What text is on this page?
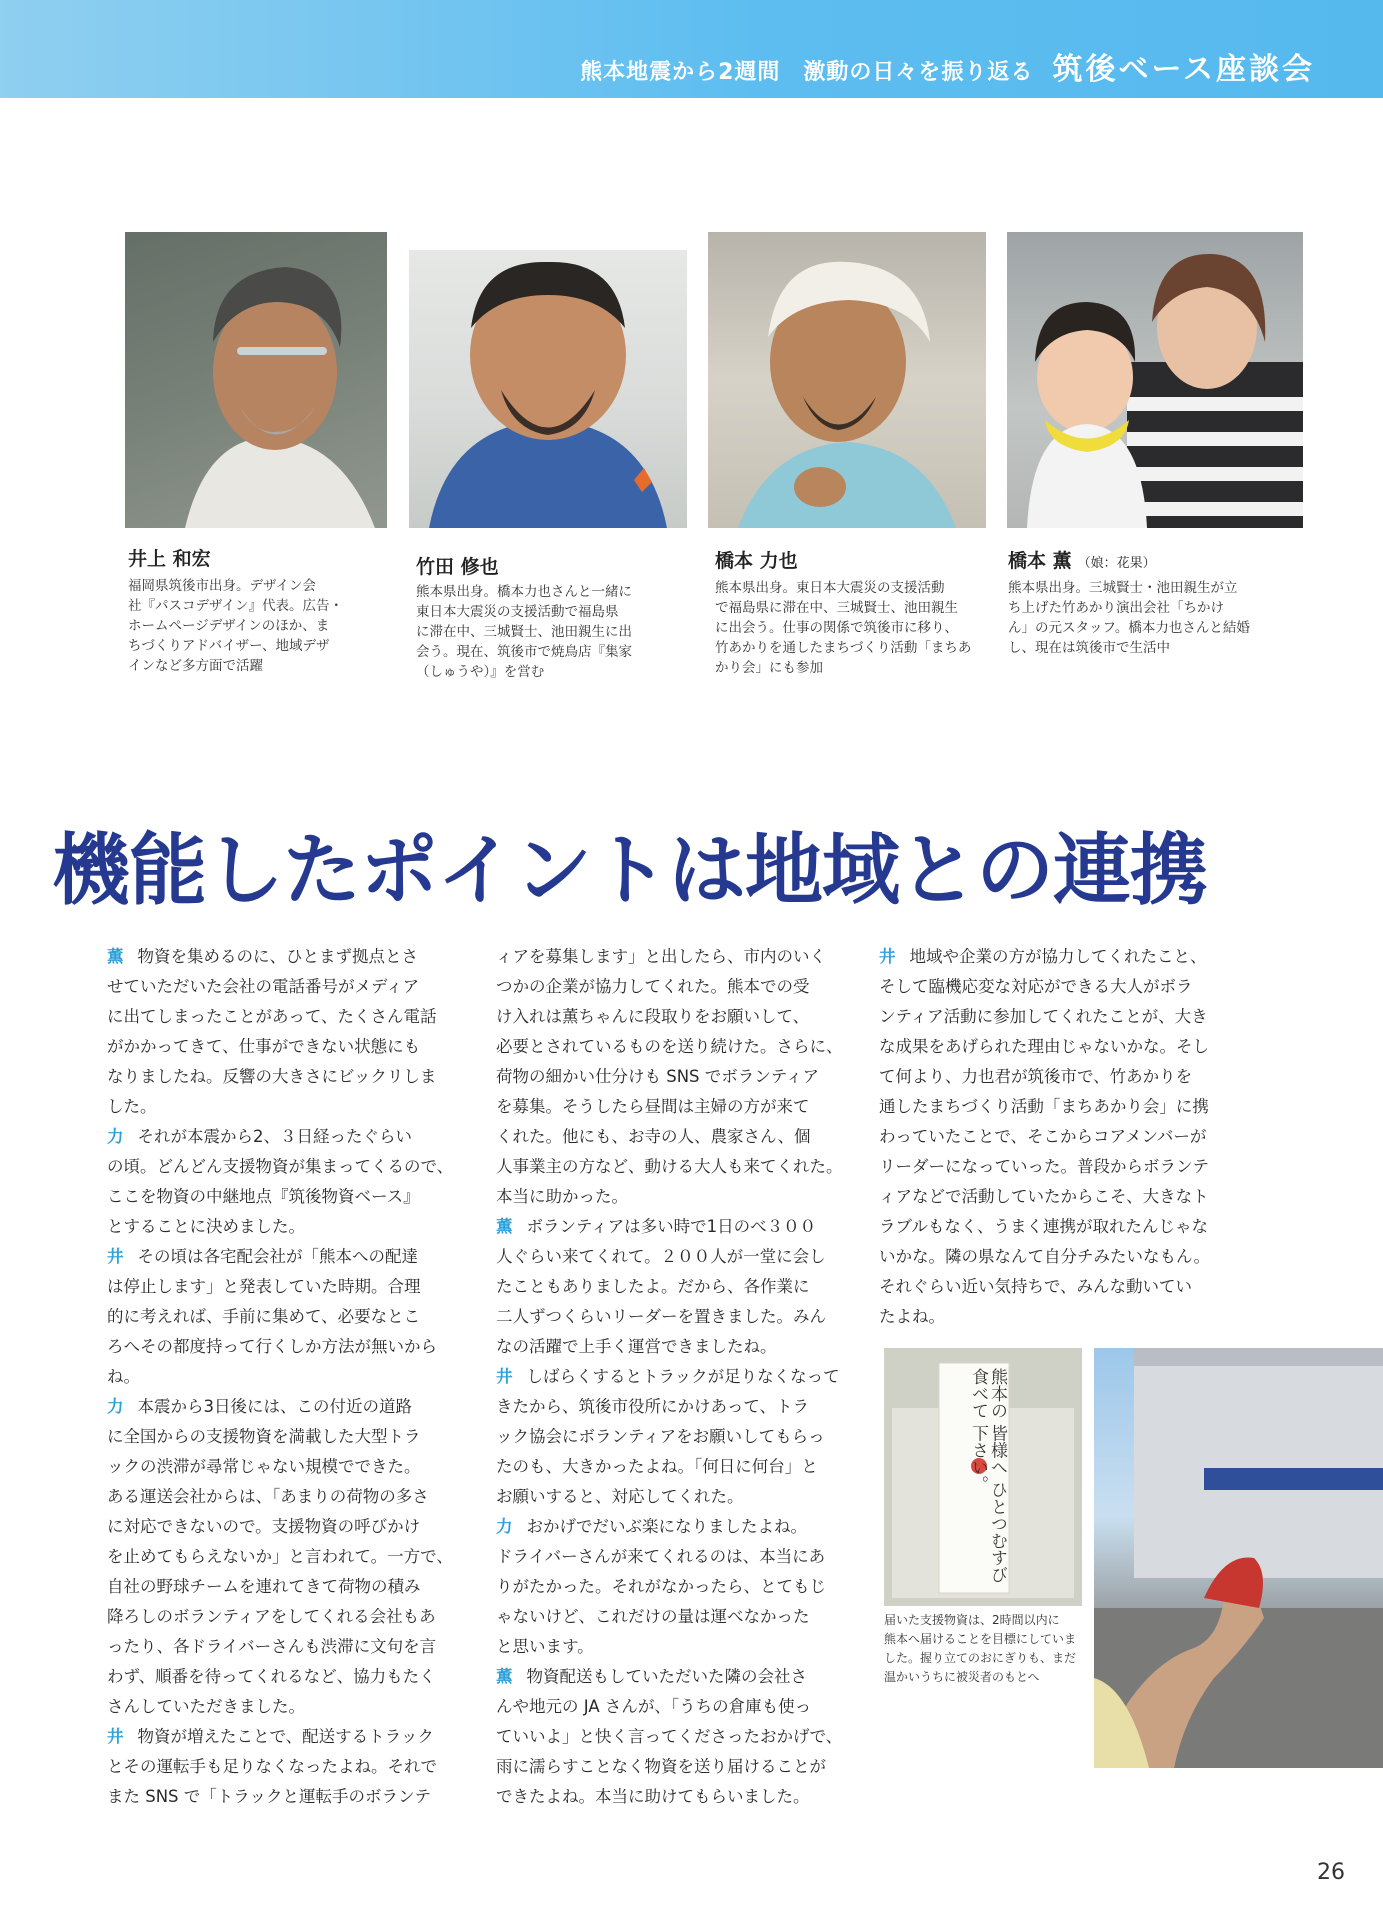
熊本地震から2週間　激動の日々を振り返る 筑後ベース座談会
井上 和宏
福岡県筑後市出身。デザイン会
社『パスコデザイン』代表。広告・
ホームページデザインのほか、ま
ちづくりアドバイザー、地域デザ
インなど多方面で活躍
竹田 修也
熊本県出身。橋本力也さんと一緒に
東日本大震災の支援活動で福島県
に滞在中、三城賢士、池田親生に出
会う。現在、筑後市で焼鳥店『集家
（しゅうや）』を営む
橋本 力也
熊本県出身。東日本大震災の支援活動
で福島県に滞在中、三城賢士、池田親生
に出会う。仕事の関係で筑後市に移り、
竹あかりを通したまちづくり活動「まちあ
かり会」にも参加
橋本 薫 （娘：花果）
熊本県出身。三城賢士・池田親生が立
ち上げた竹あかり演出会社「ちかけ
ん」の元スタッフ。橋本力也さんと結婚
し、現在は筑後市で生活中
機能したポイントは地域との連携
薫 物資を集めるのに、ひとまず拠点とさ
せていただいた会社の電話番号がメディア
に出てしまったことがあって、たくさん電話
がかかってきて、仕事ができない状態にも
なりましたね。反響の大きさにビックリしま
した。
力 それが本震から2、３日経ったぐらい
の頃。どんどん支援物資が集まってくるので、
ここを物資の中継地点『筑後物資ベース』
とすることに決めました。
井 その頃は各宅配会社が「熊本への配達
は停止します」と発表していた時期。合理
的に考えれば、手前に集めて、必要なとこ
ろへその都度持って行くしか方法が無いから
ね。
力 本震から3日後には、この付近の道路
に全国からの支援物資を満載した大型トラ
ックの渋滞が尋常じゃない規模でできた。
ある運送会社からは、「あまりの荷物の多さ
に対応できないので。支援物資の呼びかけ
を止めてもらえないか」と言われて。一方で、
自社の野球チームを連れてきて荷物の積み
降ろしのボランティアをしてくれる会社もあ
ったり、各ドライバーさんも渋滞に文句を言
わず、順番を待ってくれるなど、協力もたく
さんしていただきました。
井 物資が増えたことで、配送するトラック
とその運転手も足りなくなったよね。それで
また SNS で「トラックと運転手のボランテ
ィアを募集します」と出したら、市内のいく
つかの企業が協力してくれた。熊本での受
け入れは薫ちゃんに段取りをお願いして、
必要とされているものを送り続けた。さらに、
荷物の細かい仕分けも SNS でボランティア
を募集。そうしたら昼間は主婦の方が来て
くれた。他にも、お寺の人、農家さん、個
人事業主の方など、動ける大人も来てくれた。
本当に助かった。
薫 ボランティアは多い時で1日のべ３００
人ぐらい来てくれて。２００人が一堂に会し
たこともありましたよ。だから、各作業に
二人ずつくらいリーダーを置きました。みん
なの活躍で上手く運営できましたね。
井 しばらくするとトラックが足りなくなって
きたから、筑後市役所にかけあって、トラ
ック協会にボランティアをお願いしてもらっ
たのも、大きかったよね。「何日に何台」と
お願いすると、対応してくれた。
力 おかげでだいぶ楽になりましたよね。
ドライバーさんが来てくれるのは、本当にあ
りがたかった。それがなかったら、とてもじ
ゃないけど、これだけの量は運べなかった
と思います。
薫 物資配送もしていただいた隣の会社さ
んや地元の JA さんが、「うちの倉庫も使っ
ていいよ」と快く言ってくださったおかげで、
雨に濡らすことなく物資を送り届けることが
できたよね。本当に助けてもらいました。
井 地域や企業の方が協力してくれたこと、
そして臨機応変な対応ができる大人がボラ
ンティア活動に参加してくれたことが、大き
な成果をあげられた理由じゃないかな。そし
て何より、力也君が筑後市で、竹あかりを
通したまちづくり活動「まちあかり会」に携
わっていたことで、そこからコアメンバーが
リーダーになっていった。普段からボランテ
ィアなどで活動していたからこそ、大きなト
ラブルもなく、うまく連携が取れたんじゃな
いかな。隣の県なんて自分チみたいなもん。
それぐらい近い気持ちで、みんな動いてい
たよね。
熊本の 皆様へ ひとつむすび 食べて 下さい。
届いた支援物資は、2時間以内に
熊本へ届けることを目標にしていま
した。握り立てのおにぎりも、まだ
温かいうちに被災者のもとへ
26
